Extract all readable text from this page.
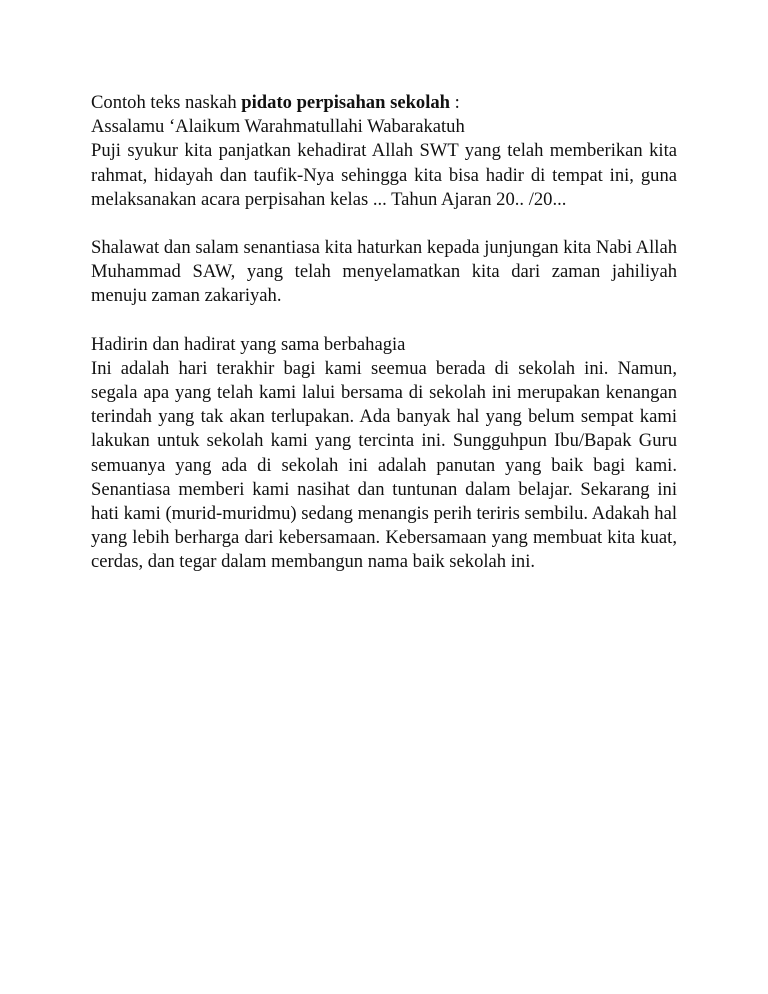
Contoh teks naskah pidato perpisahan sekolah :

Assalamu ‘Alaikum Warahmatullahi Wabarakatuh

Puji syukur kita panjatkan kehadirat Allah SWT yang telah memberikan kita rahmat, hidayah dan taufik-Nya sehingga kita bisa hadir di tempat ini, guna melaksanakan acara perpisahan kelas ... Tahun Ajaran 20.. /20...

Shalawat dan salam senantiasa kita haturkan kepada junjungan kita Nabi Allah Muhammad SAW, yang telah menyelamatkan kita dari zaman jahiliyah menuju zaman zakariyah.

Hadirin dan hadirat yang sama berbahagia

Ini adalah hari terakhir bagi kami seemua berada di sekolah ini. Namun, segala apa yang telah kami lalui bersama di sekolah ini merupakan kenangan terindah yang tak akan terlupakan. Ada banyak hal yang belum sempat kami lakukan untuk sekolah kami yang tercinta ini. Sungguhpun Ibu/Bapak Guru semuanya yang ada di sekolah ini adalah panutan yang baik bagi kami. Senantiasa memberi kami nasihat dan tuntunan dalam belajar. Sekarang ini hati kami (murid-muridmu) sedang menangis perih teriris sembilu. Adakah hal yang lebih berharga dari kebersamaan. Kebersamaan yang membuat kita kuat, cerdas, dan tegar dalam membangun nama baik sekolah ini.
